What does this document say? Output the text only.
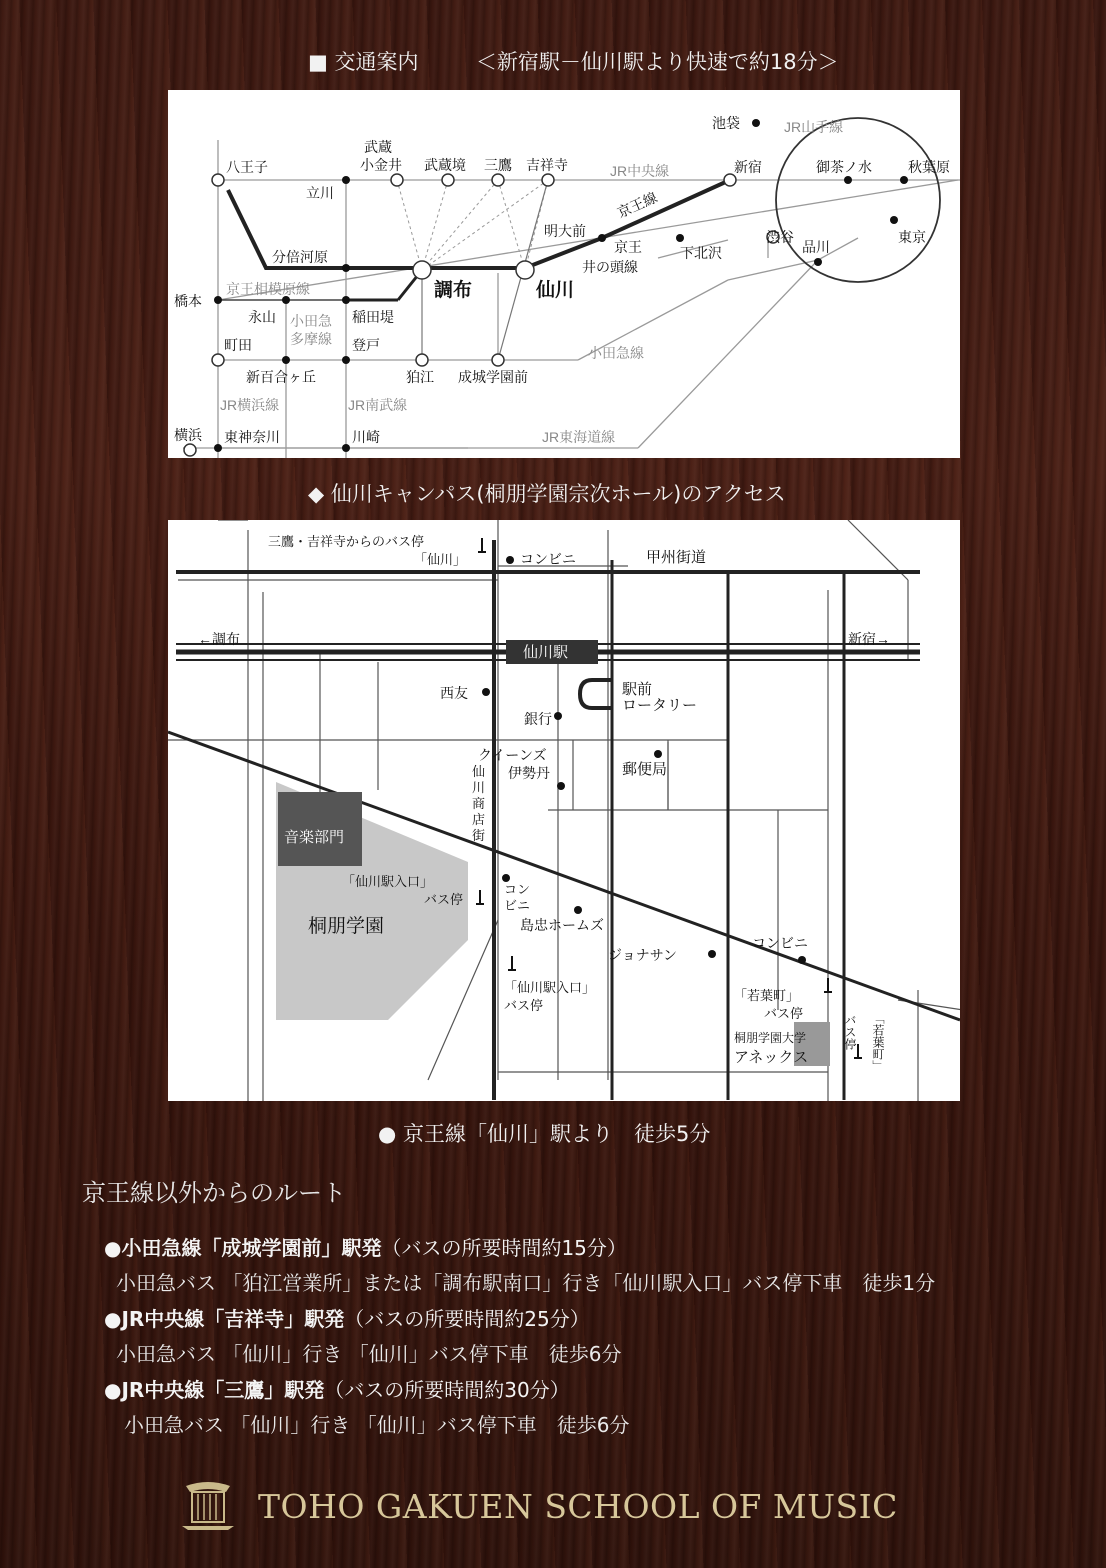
■ 交通案内	＜新宿駅－仙川駅より快速で約18分＞
八王子
立川
武蔵
小金井 武蔵境 三鷹 吉祥寺	JR中央線	新宿
池袋	JR山手線
御茶ノ水	秋葉原
東京
渋谷
品川
明大前
京王線
京王
井の頭線
下北沢
分倍河原
調布	仙川
京王相模原線
橋本
永山 小田急
多摩線
稲田堤
町田	登戸
新百合ヶ丘	狛江 成城学園前
小田急線
JR横浜線	JR南武線
横浜 東神奈川	川崎	JR東海道線
◆ 仙川キャンパス(桐朋学園宗次ホール)のアクセス
三鷹・吉祥寺からのバス停
「仙川」	コンビニ	甲州街道
←調布	新宿→
仙川駅
西友
銀行
駅前
ロータリー
クイーンズ
伊勢丹	郵便局
仙
川
商
店
街
音楽部門
「仙川駅入口」
バス停
桐朋学園
コン
ビニ
島忠ホームズ
ジョナサン
コンビニ
「仙川駅入口」
バス停
「若葉町」
バス停
桐朋学園大学
アネックス
バス停 「若葉町」
● 京王線「仙川」駅より　徒歩5分
京王線以外からのルート
●小田急線「成城学園前」駅発（バスの所要時間約15分）
小田急バス 「狛江営業所」または「調布駅南口」行き「仙川駅入口」バス停下車　徒歩1分
●JR中央線「吉祥寺」駅発（バスの所要時間約25分）
小田急バス 「仙川」行き 「仙川」バス停下車　徒歩6分
●JR中央線「三鷹」駅発（バスの所要時間約30分）
小田急バス 「仙川」行き 「仙川」バス停下車　徒歩6分
TOHO GAKUEN SCHOOL OF MUSIC
